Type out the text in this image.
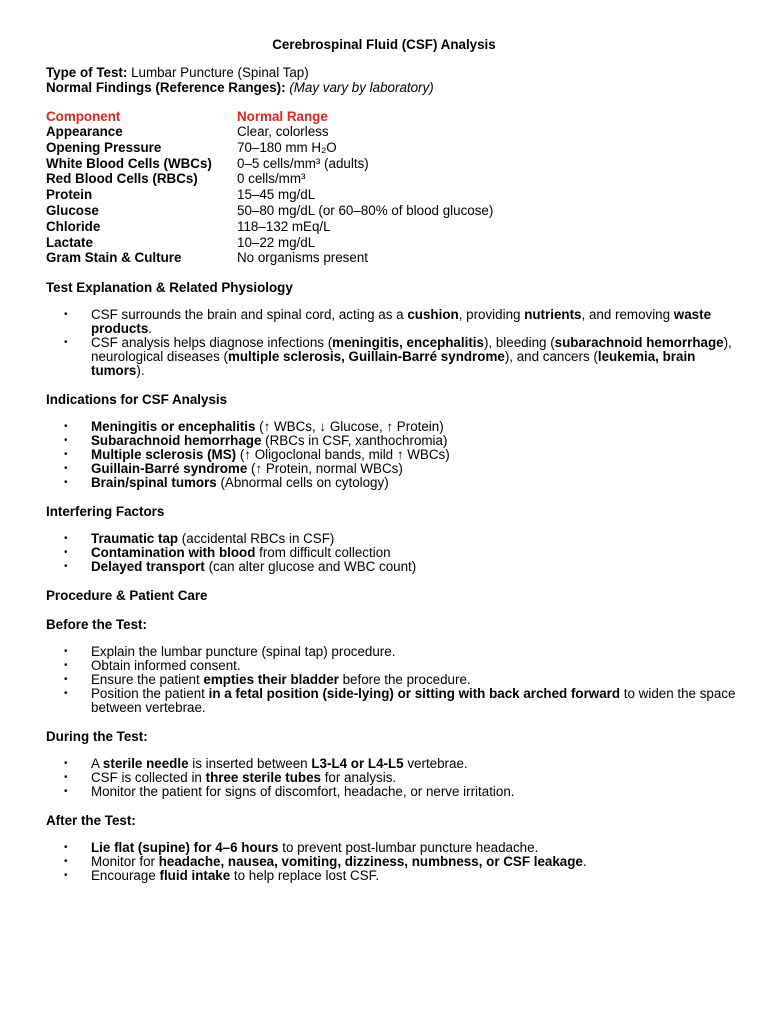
Cerebrospinal Fluid (CSF) Analysis

Type of Test: Lumbar Puncture (Spinal Tap)

Normal Findings (Reference Ranges): (May vary by laboratory)

Component	Normal Range
Appearance	Clear, colorless
Opening Pressure	70–180 mm H₂O
White Blood Cells (WBCs)	0–5 cells/mm³ (adults)
Red Blood Cells (RBCs)	0 cells/mm³
Protein	15–45 mg/dL
Glucose	50–80 mg/dL (or 60–80% of blood glucose)
Chloride	118–132 mEq/L
Lactate	10–22 mg/dL
Gram Stain & Culture	No organisms present
Test Explanation & Related Physiology
• CSF surrounds the brain and spinal cord, acting as a cushion, providing nutrients, and removing waste products.
• CSF analysis helps diagnose infections (meningitis, encephalitis), bleeding (subarachnoid hemorrhage), neurological diseases (multiple sclerosis, Guillain-Barré syndrome), and cancers (leukemia, brain tumors).
Indications for CSF Analysis
• Meningitis or encephalitis (↑ WBCs, ↓ Glucose, ↑ Protein)
• Subarachnoid hemorrhage (RBCs in CSF, xanthochromia)
• Multiple sclerosis (MS) (↑ Oligoclonal bands, mild ↑ WBCs)
• Guillain-Barré syndrome (↑ Protein, normal WBCs)
• Brain/spinal tumors (Abnormal cells on cytology)
Interfering Factors
• Traumatic tap (accidental RBCs in CSF)
• Contamination with blood from difficult collection
• Delayed transport (can alter glucose and WBC count)
Procedure & Patient Care
Before the Test:
• Explain the lumbar puncture (spinal tap) procedure.
• Obtain informed consent.
• Ensure the patient empties their bladder before the procedure.
• Position the patient in a fetal position (side-lying) or sitting with back arched forward to widen the space between vertebrae.
During the Test:
• A sterile needle is inserted between L3-L4 or L4-L5 vertebrae.
• CSF is collected in three sterile tubes for analysis.
• Monitor the patient for signs of discomfort, headache, or nerve irritation.
After the Test:
• Lie flat (supine) for 4–6 hours to prevent post-lumbar puncture headache.
• Monitor for headache, nausea, vomiting, dizziness, numbness, or CSF leakage.
• Encourage fluid intake to help replace lost CSF.
